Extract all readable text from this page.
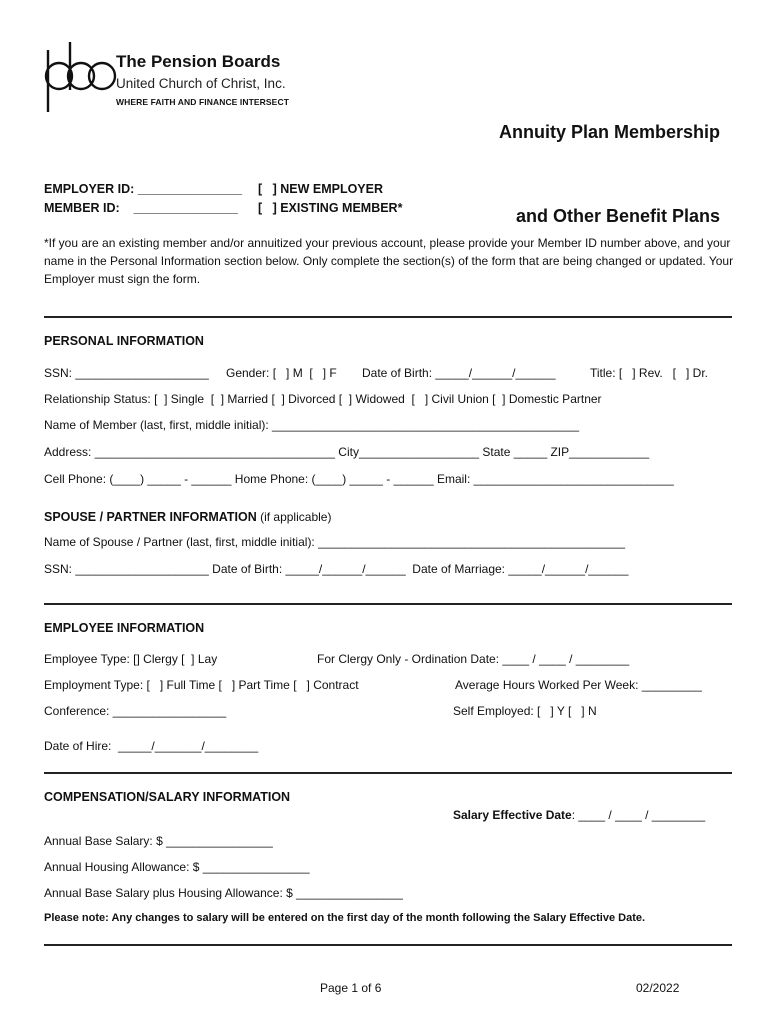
The Pension Boards
United Church of Christ, Inc.
WHERE FAITH AND FINANCE INTERSECT

Annuity Plan Membership

and Other Benefit Plans

EMPLOYER ID: _______________ [   ] NEW EMPLOYER
MEMBER ID:    _______________ [   ] EXISTING MEMBER*
*If you are an existing member and/or annuitized your previous account, please provide your Member ID number above, and your name in the Personal Information section below. Only complete the section(s) of the form that are being changed or updated. Your Employer must sign the form.
PERSONAL INFORMATION
SSN: ____________________ Gender: [   ] M  [   ] F Date of Birth: _____/______/______	Title: [   ] Rev.   [   ] Dr.
Relationship Status: [  ] Single  [  ] Married [  ] Divorced [  ] Widowed  [   ] Civil Union [  ] Domestic Partner
Name of Member (last, first, middle initial): ______________________________________________
Address: ____________________________________ City__________________ State _____ ZIP____________
Cell Phone: (____) _____ - ______ Home Phone: (____) _____ - ______ Email: ______________________________
SPOUSE / PARTNER INFORMATION (if applicable)
Name of Spouse / Partner (last, first, middle initial): ______________________________________________
SSN: ____________________ Date of Birth: _____/______/______  Date of Marriage: _____/______/______
EMPLOYEE INFORMATION
Employee Type: [] Clergy [  ] Lay	For Clergy Only - Ordination Date: ____ / ____ / ________
Employment Type: [   ] Full Time [   ] Part Time [   ] Contract	Average Hours Worked Per Week: _________
Conference: _________________	Self Employed: [   ] Y [   ] N
Date of Hire:  _____/_______/________
COMPENSATION/SALARY INFORMATION
Salary Effective Date: ____ / ____ / ________
Annual Base Salary: $ ________________
Annual Housing Allowance: $ ________________
Annual Base Salary plus Housing Allowance: $ ________________
Please note: Any changes to salary will be entered on the first day of the month following the Salary Effective Date.
Page 1 of 6	02/2022
